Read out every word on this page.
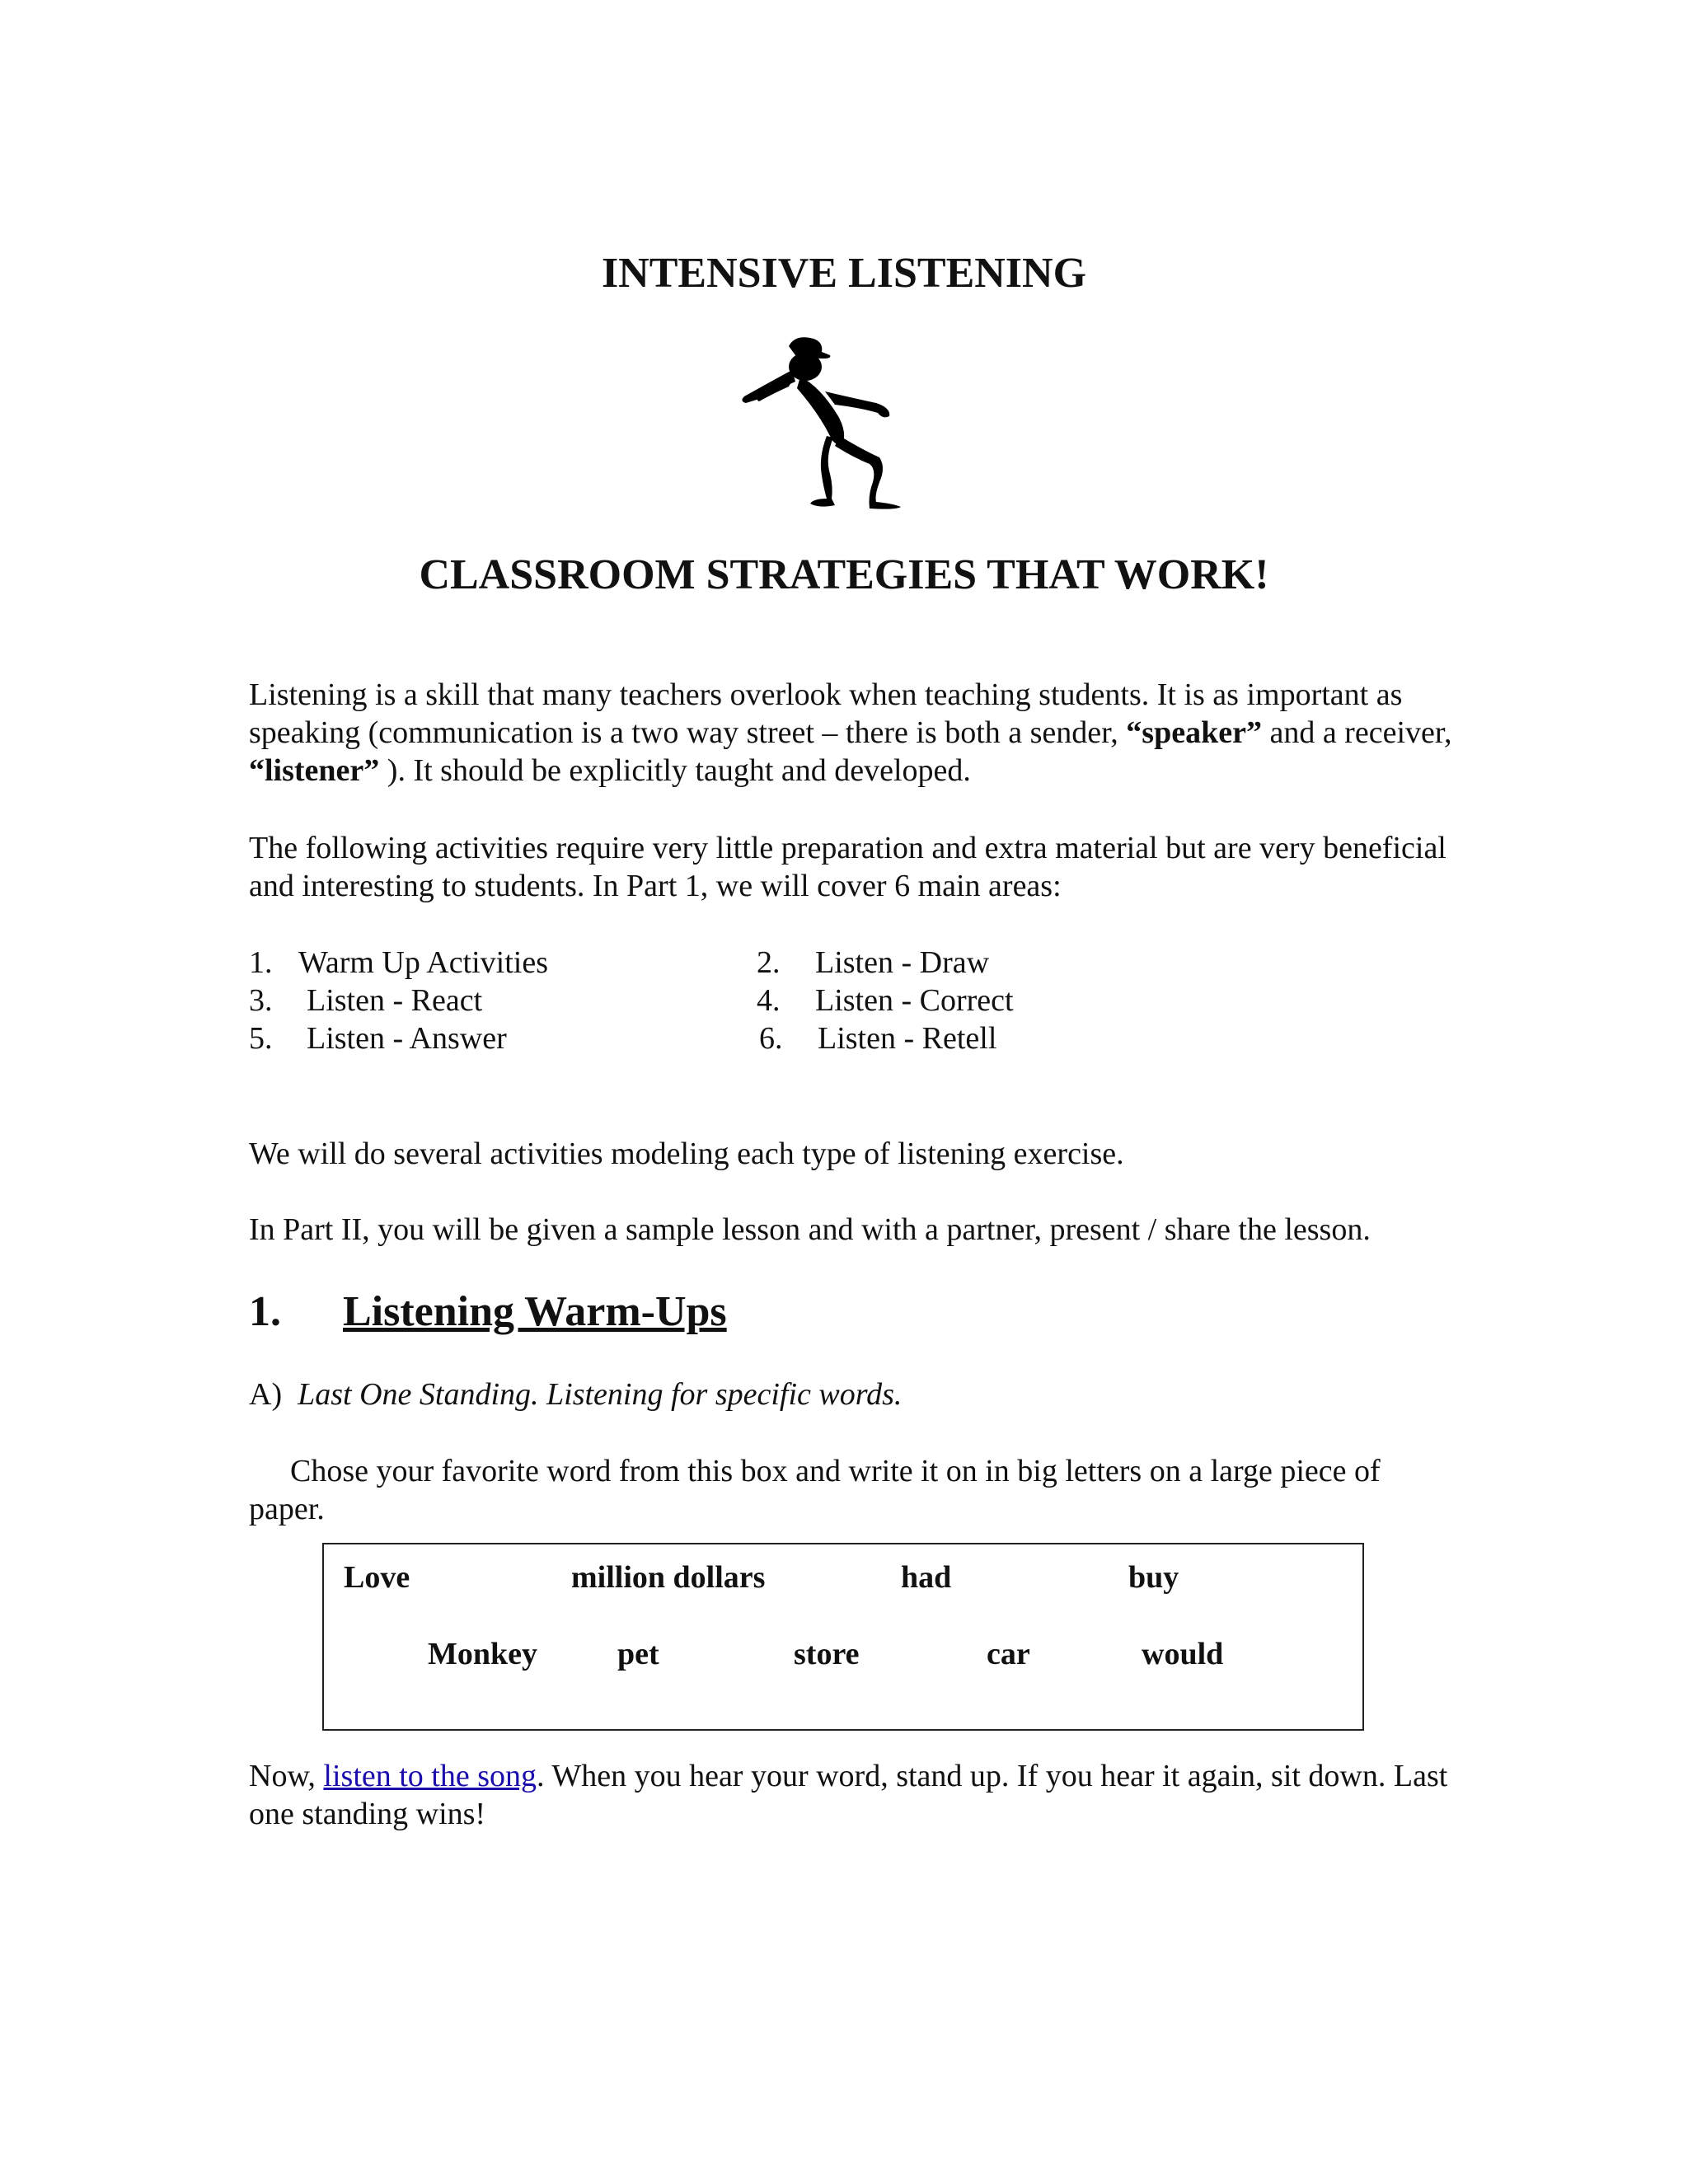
INTENSIVE LISTENING
CLASSROOM STRATEGIES THAT WORK!
Listening is a skill that many teachers overlook when teaching students. It is as important as speaking (communication is a two way street – there is both a sender, “speaker” and a receiver, “listener” ). It should be explicitly taught and developed.
The following activities require very little preparation and extra material but are very beneficial and interesting to students. In Part 1, we will cover 6 main areas:
1. Warm Up Activities	2. Listen - Draw
3. Listen - React	4. Listen - Correct
5. Listen - Answer	6. Listen - Retell
We will do several activities modeling each type of listening exercise.
In Part II, you will be given a sample lesson and with a partner, present / share the lesson.
1. Listening Warm-Ups
A) Last One Standing. Listening for specific words.
Chose your favorite word from this box and write it on in big letters on a large piece of paper.
Love	million dollars	had	buy
Monkey	pet	store	car	would
Now, listen to the song. When you hear your word, stand up. If you hear it again, sit down. Last one standing wins!
